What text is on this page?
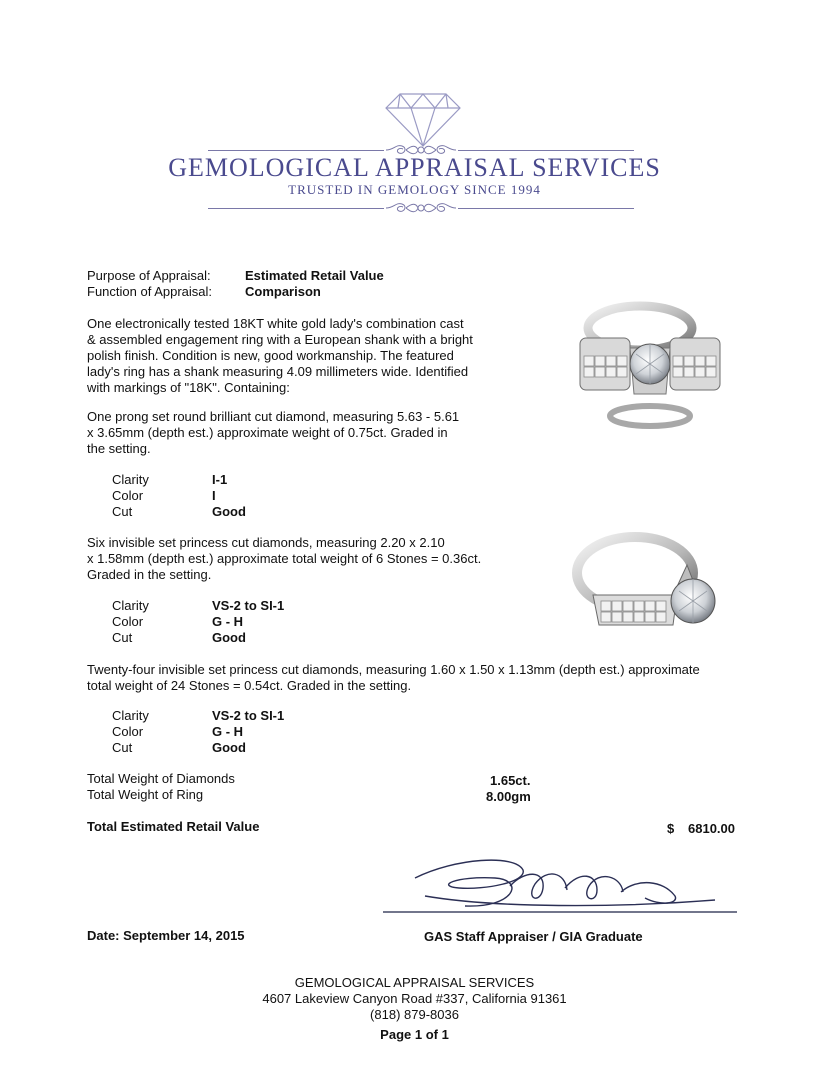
GEMOLOGICAL APPRAISAL SERVICES
TRUSTED IN GEMOLOGY SINCE 1994
Purpose of Appraisal:	Estimated Retail Value
Function of Appraisal:	Comparison
One electronically tested 18KT white gold lady's combination cast
& assembled engagement ring with a European shank with a bright
polish finish. Condition is new, good workmanship. The featured
lady's ring has a shank measuring 4.09 millimeters wide. Identified
with markings of "18K". Containing:
One prong set round brilliant cut diamond, measuring 5.63 - 5.61
x 3.65mm (depth est.) approximate weight of 0.75ct. Graded in
the setting.
Clarity	I-1
Color	I
Cut	Good
Six invisible set princess cut diamonds, measuring 2.20 x 2.10
x 1.58mm (depth est.) approximate total weight of 6 Stones = 0.36ct.
Graded in the setting.
Clarity	VS-2 to SI-1
Color	G - H
Cut	Good
Twenty-four invisible set princess cut diamonds, measuring 1.60 x 1.50 x 1.13mm (depth est.) approximate
total weight of 24 Stones = 0.54ct. Graded in the setting.
Clarity	VS-2 to SI-1
Color	G - H
Cut	Good
Total Weight of Diamonds	1.65ct.
Total Weight of Ring	8.00gm
Total Estimated Retail Value	$ 6810.00
Date: September 14, 2015	GAS Staff Appraiser / GIA Graduate
GEMOLOGICAL APPRAISAL SERVICES
4607 Lakeview Canyon Road #337, California 91361
(818) 879-8036
Page 1 of 1
